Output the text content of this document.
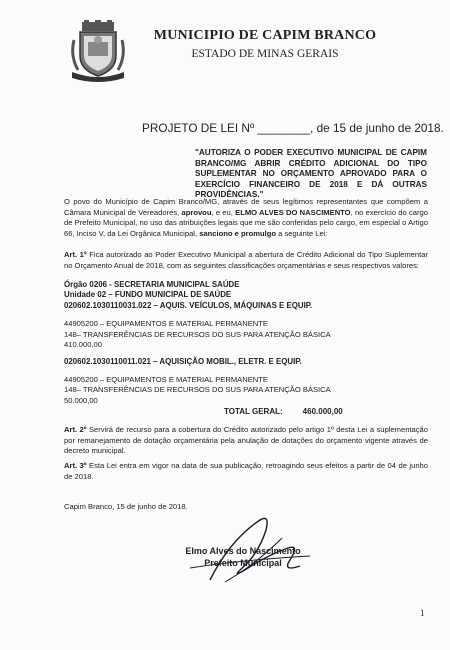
MUNICIPIO DE CAPIM BRANCO
ESTADO DE MINAS GERAIS
PROJETO DE LEI Nº ________, de 15 de junho de 2018.
"AUTORIZA O PODER EXECUTIVO MUNICIPAL DE CAPIM BRANCO/MG ABRIR CRÉDITO ADICIONAL DO TIPO SUPLEMENTAR NO ORÇAMENTO APROVADO PARA O EXERCÍCIO FINANCEIRO DE 2018 E DÁ OUTRAS PROVIDÊNCIAS."
O povo do Município de Capim Branco/MG, através de seus legítimos representantes que compõem a Câmara Municipal de Vereadores, aprovou, e eu, ELMO ALVES DO NASCIMENTO, no exercício do cargo de Prefeito Municipal, no uso das atribuições legais que me são conferidas pelo cargo, em especial o Artigo 66, Inciso V, da Lei Orgânica Municipal, sanciono e promulgo a seguinte Lei:
Art. 1º Fica autorizado ao Poder Executivo Municipal a abertura de Crédito Adicional do Tipo Suplementar no Orçamento Anual de 2018, com as seguintes classificações orçamentárias e seus respectivos valores:
Órgão 0206 - SECRETARIA MUNICIPAL SAÚDE
Unidade 02 – FUNDO MUNICIPAL DE SAÚDE
020602.1030110031.022 – AQUIS. VEÍCULOS, MÁQUINAS E EQUIP.
44905200 – EQUIPAMENTOS E MATERIAL PERMANENTE
148– TRANSFERÊNCIAS DE RECURSOS DO SUS PARA ATENÇÃO BÁSICA
410.000,00
020602.1030110011.021 – AQUISIÇÃO MOBIL., ELETR. E EQUIP.
44905200 – EQUIPAMENTOS E MATERIAL PERMANENTE
148– TRANSFERÊNCIAS DE RECURSOS DO SUS PARA ATENÇÃO BÁSICA
50.000,00
TOTAL GERAL:	460.000,00
Art. 2º Servirá de recurso para a cobertura do Crédito autorizado pelo artigo 1º desta Lei a suplementação por remanejamento de dotação orçamentária pela anulação de dotações do orçamento vigente através de decreto municipal.
Art. 3º Esta Lei entra em vigor na data de sua publicação, retroagindo seus efeitos a partir de 04 de junho de 2018.
Capim Branco, 15 de junho de 2018.
Elmo Alves do Nascimento
Prefeito Municipal
1
